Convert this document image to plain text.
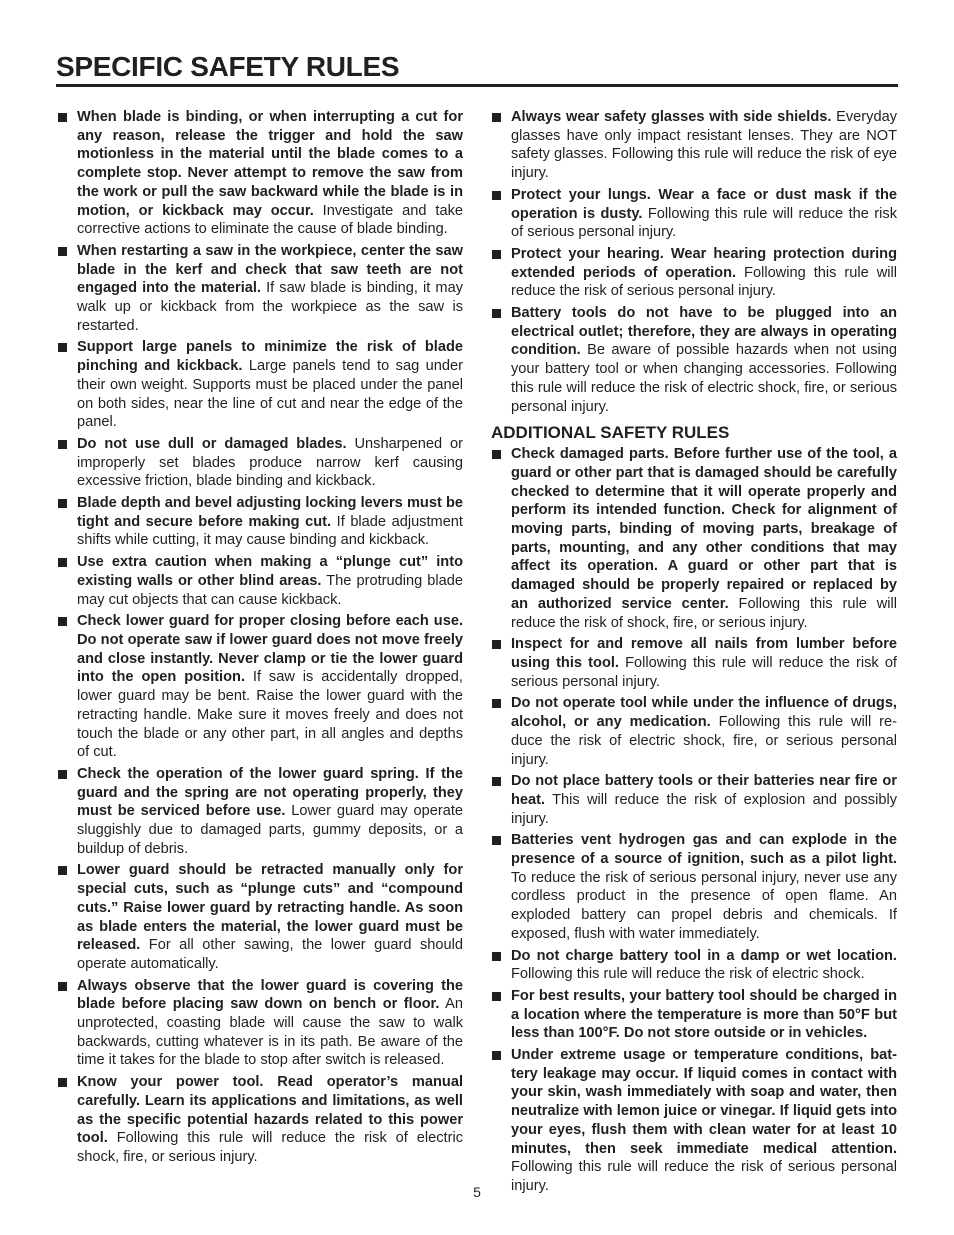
SPECIFIC SAFETY RULES
When blade is binding, or when interrupting a cut for any reason, release the trigger and hold the saw motionless in the material until the blade comes to a complete stop. Never attempt to remove the saw from the work or pull the saw backward while the blade is in motion, or kickback may occur. Investigate and take corrective actions to eliminate the cause of blade binding.
When restarting a saw in the workpiece, center the saw blade in the kerf and check that saw teeth are not engaged into the material. If saw blade is binding, it may walk up or kickback from the workpiece as the saw is restarted.
Support large panels to minimize the risk of blade pinching and kickback. Large panels tend to sag under their own weight. Supports must be placed under the panel on both sides, near the line of cut and near the edge of the panel.
Do not use dull or damaged blades. Unsharpened or improperly set blades produce narrow kerf causing excessive friction, blade binding and kickback.
Blade depth and bevel adjusting locking levers must be tight and secure before making cut. If blade adjustment shifts while cutting, it may cause binding and kickback.
Use extra caution when making a “plunge cut” into existing walls or other blind areas. The protruding blade may cut objects that can cause kickback.
Check lower guard for proper closing before each use. Do not operate saw if lower guard does not move freely and close instantly. Never clamp or tie the lower guard into the open position. If saw is accidentally dropped, lower guard may be bent. Raise the lower guard with the retracting handle. Make sure it moves freely and does not touch the blade or any other part, in all angles and depths of cut.
Check the operation of the lower guard spring. If the guard and the spring are not operating properly, they must be serviced before use. Lower guard may operate sluggishly due to damaged parts, gummy deposits, or a buildup of debris.
Lower guard should be retracted manually only for special cuts, such as “plunge cuts” and “compound cuts.” Raise lower guard by retracting handle. As soon as blade enters the material, the lower guard must be released. For all other sawing, the lower guard should operate automatically.
Always observe that the lower guard is covering the blade before placing saw down on bench or floor. An unprotected, coasting blade will cause the saw to walk backwards, cutting whatever is in its path. Be aware of the time it takes for the blade to stop after switch is released.
Know your power tool. Read operator’s manual carefully. Learn its applications and limitations, as well as the specific potential hazards related to this power tool. Following this rule will reduce the risk of electric shock, fire, or serious injury.
Always wear safety glasses with side shields. Everyday glasses have only impact resistant lenses. They are NOT safety glasses. Following this rule will reduce the risk of eye injury.
Protect your lungs. Wear a face or dust mask if the operation is dusty. Following this rule will reduce the risk of serious personal injury.
Protect your hearing. Wear hearing protection during extended periods of operation. Following this rule will reduce the risk of serious personal injury.
Battery tools do not have to be plugged into an electrical outlet; therefore, they are always in operating condition. Be aware of possible hazards when not using your battery tool or when changing accessories. Following this rule will reduce the risk of electric shock, fire, or serious personal injury.
ADDITIONAL SAFETY RULES
Check damaged parts. Before further use of the tool, a guard or other part that is damaged should be carefully checked to determine that it will operate properly and perform its intended function. Check for alignment of moving parts, binding of moving parts, breakage of parts, mounting, and any other conditions that may affect its operation. A guard or other part that is damaged should be properly repaired or replaced by an authorized service center. Following this rule will reduce the risk of shock, fire, or serious injury.
Inspect for and remove all nails from lumber before using this tool. Following this rule will reduce the risk of serious personal injury.
Do not operate tool while under the influence of drugs, alcohol, or any medication. Following this rule will re-duce the risk of electric shock, fire, or serious personal injury.
Do not place battery tools or their batteries near fire or heat. This will reduce the risk of explosion and possibly injury.
Batteries vent hydrogen gas and can explode in the presence of a source of ignition, such as a pilot light. To reduce the risk of serious personal injury, never use any cordless product in the presence of open flame. An exploded battery can propel debris and chemicals. If exposed, flush with water immediately.
Do not charge battery tool in a damp or wet location. Following this rule will reduce the risk of electric shock.
For best results, your battery tool should be charged in a location where the temperature is more than 50°F but less than 100°F. Do not store outside or in vehicles.
Under extreme usage or temperature conditions, bat-tery leakage may occur. If liquid comes in contact with your skin, wash immediately with soap and water, then neutralize with lemon juice or vinegar. If liquid gets into your eyes, flush them with clean water for at least 10 minutes, then seek immediate medical attention. Following this rule will reduce the risk of serious personal injury.
5
